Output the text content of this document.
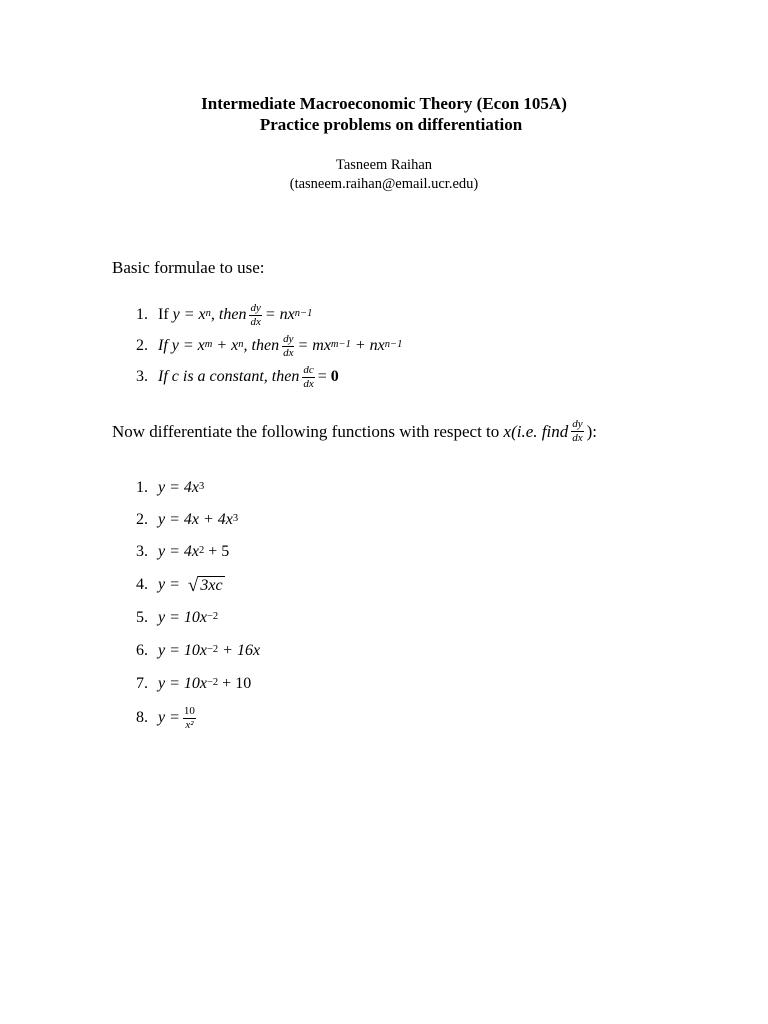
Intermediate Macroeconomic Theory (Econ 105A)
Practice problems on differentiation
Tasneem Raihan
(tasneem.raihan@email.ucr.edu)
Basic formulae to use:
1. If $y = x^n$ , then $\frac{dy}{dx} = nx^{n-1}$
2. If $y = x^m + x^n$ , then $\frac{dy}{dx} = mx^{m-1} + nx^{n-1}$
3. If c is a constant, then $\frac{dc}{dx}$ =
0
Now differentiate the following functions with respect to
x ( i.e. find $\frac{dy}{dx}$ ):
1. $y = 4x^3$
2. $y = 4x + 4x^3$
3. $y = 4x^2 + 5$
4. y = √ 3xc
5. $y = 10x^{-2}$
6. $y = 10x^{-2} + 16x$
7. $y = 10x^{-2} + 10$
8. $y = \frac{10}{\text{x²}}$
